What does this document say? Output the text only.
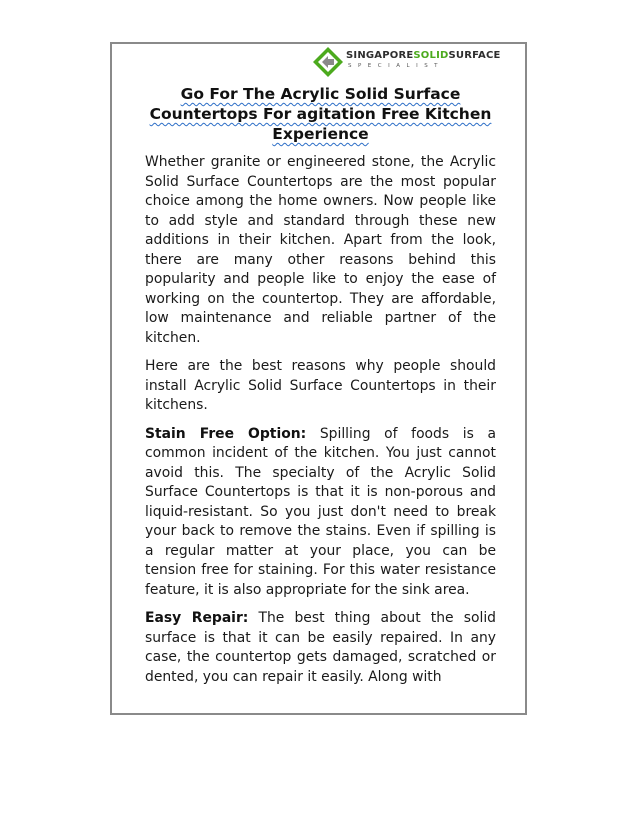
SINGAPORESOLIDSURFACE
SPECIALIST
Go For The Acrylic Solid Surface Countertops For agitation Free Kitchen Experience

Whether granite or engineered stone, the Acrylic Solid Surface Countertops are the most popular choice among the home owners. Now people like to add style and standard through these new additions in their kitchen. Apart from the look, there are many other reasons behind this popularity and people like to enjoy the ease of working on the countertop. They are affordable, low maintenance and reliable partner of the kitchen.

Here are the best reasons why people should install Acrylic Solid Surface Countertops in their kitchens.

Stain Free Option: Spilling of foods is a common incident of the kitchen. You just cannot avoid this. The specialty of the Acrylic Solid Surface Countertops is that it is non-porous and liquid-resistant. So you just don't need to break your back to remove the stains. Even if spilling is a regular matter at your place, you can be tension free for staining. For this water resistance feature, it is also appropriate for the sink area.

Easy Repair: The best thing about the solid surface is that it can be easily repaired. In any case, the countertop gets damaged, scratched or dented, you can repair it easily. Along with
